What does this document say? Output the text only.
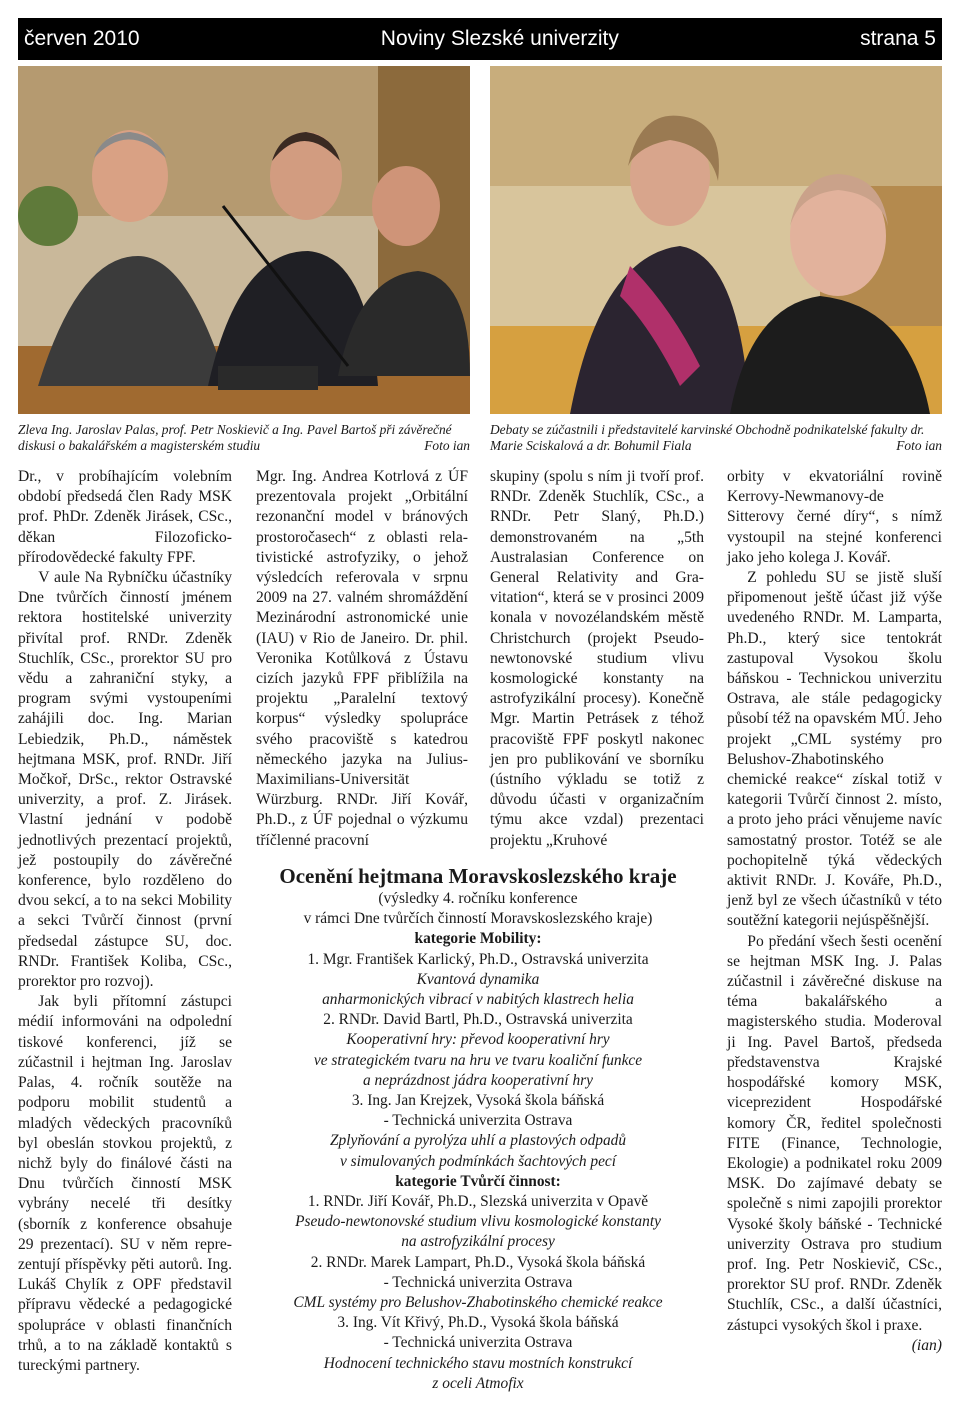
červen 2010	Noviny Slezské univerzity	strana 5
Zleva Ing. Jaroslav Palas, prof. Petr Noskievič a Ing. Pavel Bartoš při závěrečné diskusi o bakalářském a magisterském studiu	Foto ian
Debaty se zúčastnili i představitelé karvinské Obchodně podnikatelské fakulty dr. Marie Sciskalová a dr. Bohumil Fiala	Foto ian

Dr., v probíhajícím volebním období předsedá člen Rady MSK prof. PhDr. Zdeněk Jirásek, CSc., děkan Filozoficko-přírodovědecké fakulty FPF.

V aule Na Rybníčku účastníky Dne tvůrčích činností jménem rektora hostitelské univerzity přivítal prof. RNDr. Zdeněk Stuchlík, CSc., prorektor SU pro vědu a zahraniční styky, a program svými vystoupeními zahájili doc. Ing. Marian Lebiedzik, Ph.D., náměstek hejtmana MSK, prof. RNDr. Jiří Močkoř, DrSc., rektor Ostravské univerzity, a prof. Z. Jirásek. Vlastní jednání v podobě jednotlivých prezentací projektů, jež postoupily do závěrečné konference, bylo rozděleno do dvou sekcí, a to na sekci Mobility a sekci Tvůrčí činnost (první předsedal zástupce SU, doc. RNDr. František Koliba, CSc., prorektor pro rozvoj).

Jak byli přítomní zástupci médií informováni na odpolední tiskové konferenci, jíž se zúčastnil i hejtman Ing. Jaroslav Palas, 4. ročník soutěže na podporu mobilit studentů a mladých vědeckých pracovníků byl obeslán stovkou projektů, z nichž byly do finálové části na Dnu tvůrčích činností MSK vybrány necelé tři desítky (sborník z konference obsahuje 29 prezentací). SU v něm reprezentují příspěvky pěti autorů. Ing. Lukáš Chylík z OPF představil přípravu vědecké a pedagogické spolupráce v oblasti finančních trhů, a to na základě kontaktů s tureckými partnery.

Mgr. Ing. Andrea Kotrlová z ÚF prezentovala projekt „Orbitální rezonanční model v bránových prostoročasech“ z oblasti relativistické astrofyziky, o jehož výsledcích referovala v srpnu 2009 na 27. valném shromáždění Mezinárodní astronomické unie (IAU) v Rio de Janeiro. Dr. phil. Veronika Kotůlková z Ústavu cizích jazyků FPF přiblížila na projektu „Paralelní textový korpus“ výsledky spolupráce svého pracoviště s katedrou německého jazyka na Julius-Maximilians-Universität Würzburg. RNDr. Jiří Kovář, Ph.D., z ÚF pojednal o výzkumu tříčlenné pracovní

skupiny (spolu s ním ji tvoří prof. RNDr. Zdeněk Stuchlík, CSc., a RNDr. Petr Slaný, Ph.D.) demonstrovaném na „5th Australasian Conference on General Relativity and Gravitation“, která se v prosinci 2009 konala v novozélandském městě Christchurch (projekt Pseudo-newtonovské studium vlivu kosmologické konstanty na astrofyzikální procesy). Konečně Mgr. Martin Petrásek z téhož pracoviště FPF poskytl nakonec jen pro publikování ve sborníku (ústního výkladu se totiž z důvodu účasti v organizačním týmu akce vzdal) prezentaci projektu „Kruhové

orbity v ekvatoriální rovině Kerrovy-Newmanovy-de Sitterovy černé díry“, s nímž vystoupil na stejné konferenci jako jeho kolega J. Kovář.

Z pohledu SU se jistě sluší připomenout ještě účast již výše uvedeného RNDr. M. Lamparta, Ph.D., který sice tentokrát zastupoval Vysokou školu báňskou - Technickou univerzitu Ostrava, ale stále pedagogicky působí též na opavském MÚ. Jeho projekt „CML systémy pro Belushov-Zhabotinského chemické reakce“ získal totiž v kategorii Tvůrčí činnost 2. místo, a proto jeho práci věnujeme navíc samostatný prostor. Totéž se ale pochopitelně týká vědeckých aktivit RNDr. J. Kováře, Ph.D., jenž byl ze všech účastníků v této soutěžní kategorii nejúspěšnější.

Po předání všech šesti ocenění se hejtman MSK Ing. J. Palas zúčastnil i závěrečné diskuse na téma bakalářského a magisterského studia. Moderoval ji Ing. Pavel Bartoš, předseda představenstva Krajské hospodářské komory MSK, viceprezident Hospodářské komory ČR, ředitel společnosti FITE (Finance, Technologie, Ekologie) a podnikatel roku 2009 MSK. Do zajímavé debaty se společně s nimi zapojili prorektor Vysoké školy báňské - Technické univerzity Ostrava pro studium prof. Ing. Petr Noskievič, CSc., prorektor SU prof. RNDr. Zdeněk Stuchlík, CSc., a další účastníci, zástupci vysokých škol i praxe.
(ian)

Ocenění hejtmana Moravskoslezského kraje
(výsledky 4. ročníku konference
v rámci Dne tvůrčích činností Moravskoslezského kraje)
kategorie Mobility:
1. Mgr. František Karlický, Ph.D., Ostravská univerzita
Kvantová dynamika
anharmonických vibrací v nabitých klastrech helia
2. RNDr. David Bartl, Ph.D., Ostravská univerzita
Kooperativní hry: převod kooperativní hry
ve strategickém tvaru na hru ve tvaru koaliční funkce
a neprázdnost jádra kooperativní hry
3. Ing. Jan Krejzek, Vysoká škola báňská
- Technická univerzita Ostrava
Zplyňování a pyrolýza uhlí a plastových odpadů
v simulovaných podmínkách šachtových pecí
kategorie Tvůrčí činnost:
1. RNDr. Jiří Kovář, Ph.D., Slezská univerzita v Opavě
Pseudo-newtonovské studium vlivu kosmologické konstanty
na astrofyzikální procesy
2. RNDr. Marek Lampart, Ph.D., Vysoká škola báňská
- Technická univerzita Ostrava
CML systémy pro Belushov-Zhabotinského chemické reakce
3. Ing. Vít Křivý, Ph.D., Vysoká škola báňská
- Technická univerzita Ostrava
Hodnocení technického stavu mostních konstrukcí
z oceli Atmofix
